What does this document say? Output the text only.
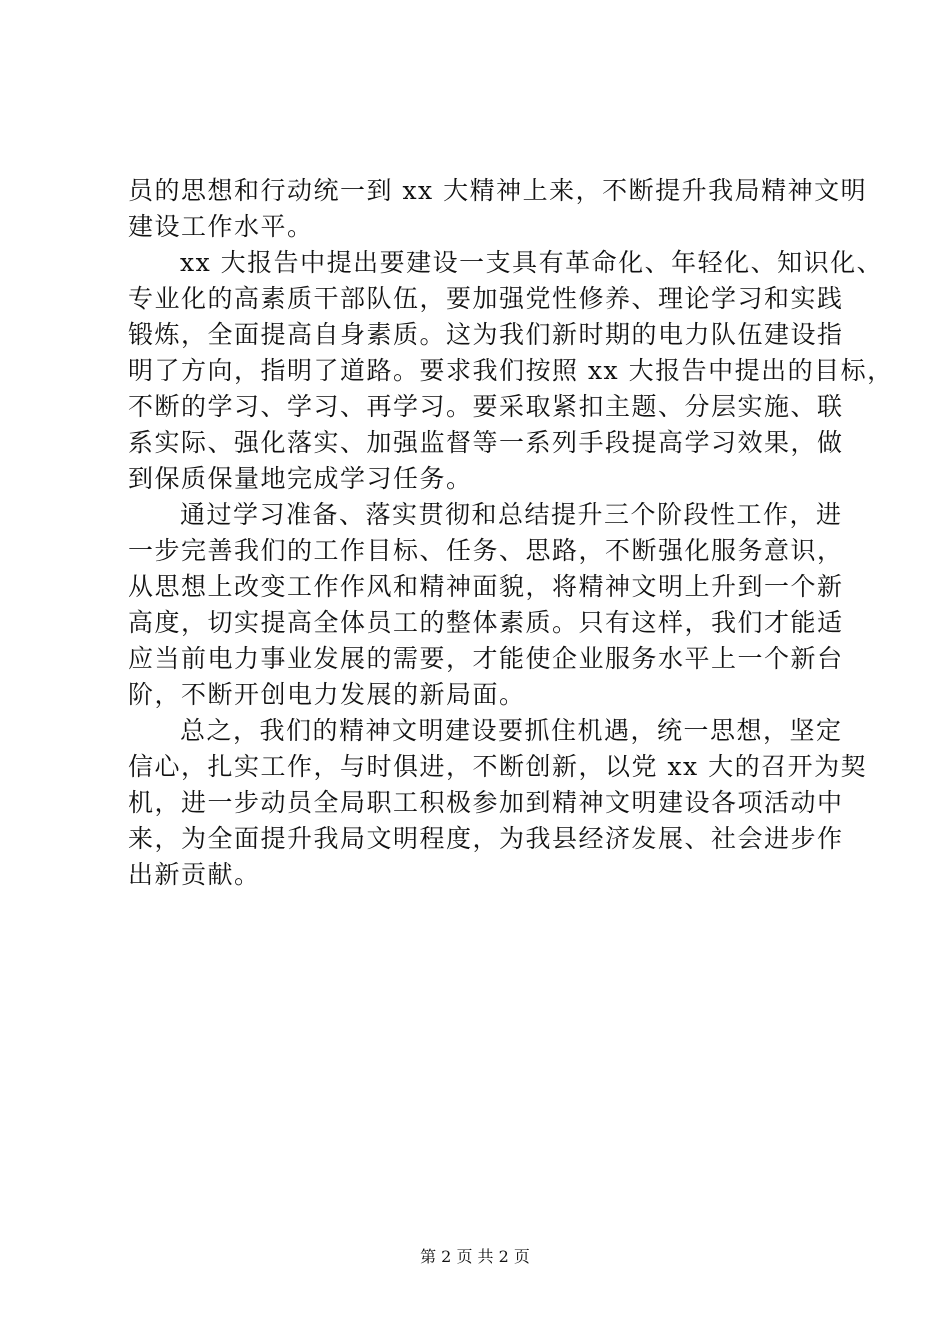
员的思想和行动统一到 xx 大精神上来，不断提升我局精神文明
建设工作水平。
xx 大报告中提出要建设一支具有革命化、年轻化、知识化、
专业化的高素质干部队伍，要加强党性修养、理论学习和实践
锻炼，全面提高自身素质。这为我们新时期的电力队伍建设指
明了方向，指明了道路。要求我们按照 xx 大报告中提出的目标，
不断的学习、学习、再学习。要采取紧扣主题、分层实施、联
系实际、强化落实、加强监督等一系列手段提高学习效果，做
到保质保量地完成学习任务。
通过学习准备、落实贯彻和总结提升三个阶段性工作，进
一步完善我们的工作目标、任务、思路，不断强化服务意识，
从思想上改变工作作风和精神面貌，将精神文明上升到一个新
高度，切实提高全体员工的整体素质。只有这样，我们才能适
应当前电力事业发展的需要，才能使企业服务水平上一个新台
阶，不断开创电力发展的新局面。
总之，我们的精神文明建设要抓住机遇，统一思想，坚定
信心，扎实工作，与时俱进，不断创新，以党 xx 大的召开为契
机，进一步动员全局职工积极参加到精神文明建设各项活动中
来，为全面提升我局文明程度，为我县经济发展、社会进步作
出新贡献。
第 2 页 共 2 页
